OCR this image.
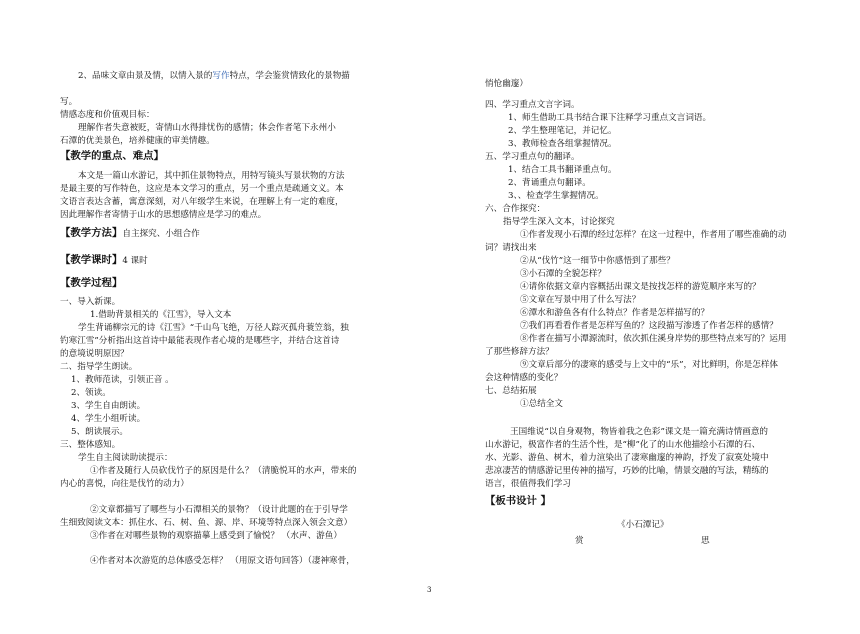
2、品味文章由景及情，以情入景的写作特点，学会鉴赏情致化的景物描
写。
情感态度和价值观目标：
理解作者失意被贬，寄情山水得排忧伤的感情；体会作者笔下永州小
石潭的优美景色，培养健康的审美情趣。
【教学的重点、难点】
本文是一篇山水游记，其中抓住景物特点，用特写镜头写景状物的方法
是最主要的写作特色，这应是本文学习的重点，另一个重点是疏通文义。本
文语言表达含蓄，寓意深刻，对八年级学生来说，在理解上有一定的难度，
因此理解作者寄情于山水的思想感情应是学习的难点。
【教学方法】自主探究、小组合作
【教学课时】4 课时
【教学过程】
一、导入新课。
1.借助背景相关的《江雪》，导入文本
学生背诵柳宗元的诗《江雪》“千山鸟飞绝，万径人踪灭孤舟蓑笠翁，独
钓寒江雪”分析指出这首诗中最能表现作者心境的是哪些字，并结合这首诗
的意境说明原因？
二、指导学生朗读。
1、教师范读，引领正音 。
2、领读。
3、学生自由朗读。
4、学生小组听读。
5、朗读展示。
三、整体感知。
学生自主阅读助读提示：
①作者及随行人员砍伐竹子的原因是什么？（清脆悦耳的水声，带来的
内心的喜悦，向往是伐竹的动力）
②文章都描写了哪些与小石潭相关的景物？（设计此题的在于引导学
生细致阅读文本：抓住水、石、树、鱼、源、岸、环境等特点深入领会文意）
③作者在对哪些景物的观察描摹上感受到了愉悦？ （水声、游鱼）
④作者对本次游览的总体感受怎样？ （用原文语句回答）（凄神寒骨，
悄怆幽邃）
四、学习重点文言字词。
1、师生借助工具书结合课下注释学习重点文言词语。
2、学生整理笔记，并记忆。
3、教师检查各组掌握情况。
五、学习重点句的翻译。
1、结合工具书翻译重点句。
2、背诵重点句翻译。
3、、检查学生掌握情况。
六、合作探究：
指导学生深入文本，讨论探究
①作者发现小石潭的经过怎样？在这一过程中，作者用了哪些准确的动
词？请找出来
②从“伐竹”这一细节中你感悟到了那些？
③小石潭的全貌怎样？
④请你依据文章内容概括出课文是按找怎样的游览顺序来写的？
⑤文章在写景中用了什么写法？
⑥潭水和游鱼各有什么特点？作者是怎样描写的？
⑦我们再看看作者是怎样写鱼的？这段描写渗透了作者怎样的感情？
⑧作者在描写小潭源流时，依次抓住溪身岸势的那些特点来写的？运用
了那些修辞方法？
⑨文章后部分的凄寒的感受与上文中的“乐”，对比鲜明，你是怎样体
会这种情感的变化？
七、总结拓展
①总结全文
王国维说“以自身观物，物皆着我之色彩”课文是一篇充满诗情画意的
山水游记，极富作者的生活个性，是“柳”化了的山水他描绘小石潭的石、
水、光影、游鱼、树木，着力渲染出了凄寒幽邃的神韵，抒发了寂寞处境中
悲凉凄苦的情感游记里传神的描写，巧妙的比喻，情景交融的写法，精练的
语言，很值得我们学习
【板书设计 】
《小石潭记》
赏	思
3
